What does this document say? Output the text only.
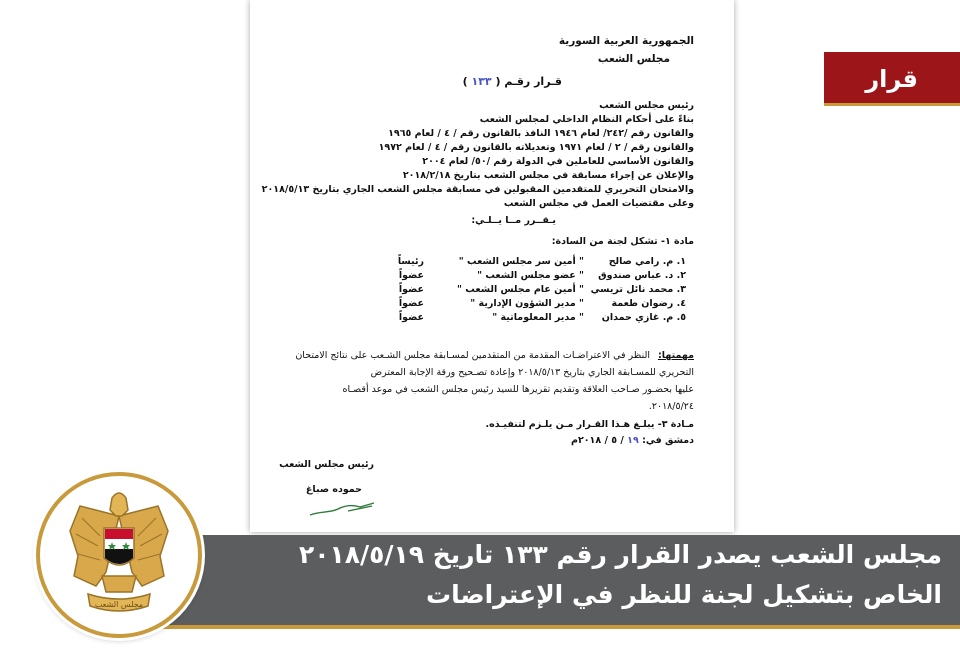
الجمهورية العربية السورية
مجلس الشعب
قـرار رقـم ( ١٣٣ )
رئيس مجلس الشعب
بناءً على أحكام النظام الداخلي لمجلس الشعب
والقانون رقم /٢٤٢/ لعام ١٩٤٦ النافذ بالقانون رقم / ٤ / لعام ١٩٦٥
والقانون رقم / ٢ / لعام ١٩٧١ وتعديلاته بالقانون رقم / ٤ / لعام ١٩٧٢
والقانون الأساسي للعاملين في الدولة رقم /٥٠/ لعام ٢٠٠٤
والإعلان عن إجراء مسابقة في مجلس الشعب بتاريخ ٢٠١٨/٢/١٨
والامتحان التحريري للمتقدمين المقبولين في مسابقة مجلس الشعب الجاري بتاريخ ٢٠١٨/٥/١٣
وعلى مقتضيات العمل في مجلس الشعب
يـقــرر مــا يــلـي:
مادة ١- تشكل لجنة من السادة:
١. م. رامي صالح
" أمين سر مجلس الشعب "
رئيساً
٢. د. عباس صندوق
" عضو مجلس الشعب "
عضواً
٣. محمد نائل تريسي
" أمين عام مجلس الشعب "
عضواً
٤. رضوان طعمة
" مدير الشؤون الإدارية "
عضواً
٥. م. غازي حمدان
" مدير المعلوماتية "
عضواً
مهمتها:
النظر في الاعتراضـات المقدمة من المتقدمين لمسـابقة مجلس الشـعب على نتائج الامتحان
التحريري للمسـابقة الجاري بتاريخ ٢٠١٨/٥/١٣ وإعادة تصـحيح ورقة الإجابة المعترض
عليها بحضـور صـاحب العلاقة وتقديم تقريرها للسيد رئيس مجلس الشعب في موعد أقصـاه
٢٠١٨/٥/٢٤.
مـادة ٣- يبلـغ هـذا القـرار مـن يلـزم لتنفيـذه.
دمشق في: ١٩ / ٥ / ٢٠١٨م
رئيس مجلس الشعب
حموده صباغ
قرار
مجلس الشعب يصدر القرار رقم ١٣٣ تاريخ ٢٠١٨/٥/١٩
الخاص بتشكيل لجنة للنظر في الإعتراضات
مجلس الشعب
